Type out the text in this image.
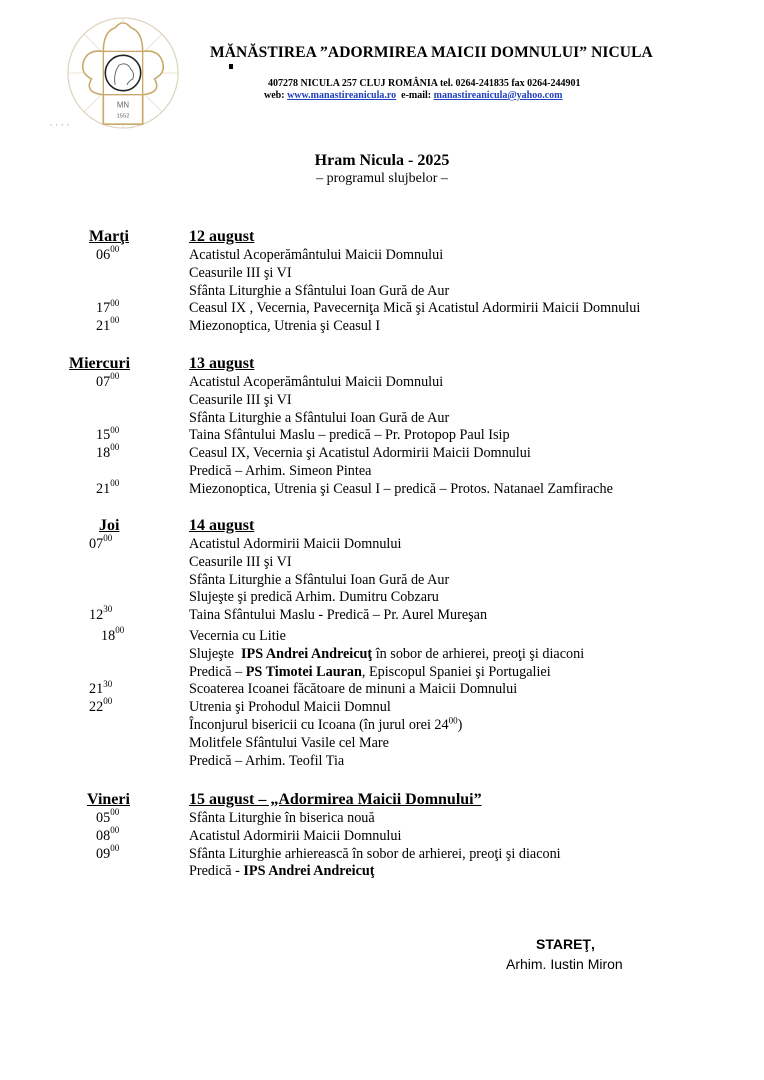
MN
1552
• • • •
MĂNĂSTIREA ”ADORMIREA MAICII DOMNULUI” NICULA
407278 NICULA 257 CLUJ ROMÂNIA tel. 0264-241835 fax 0264-244901
web: www.manastireanicula.ro e-mail: manastireanicula@yahoo.com
Hram Nicula - 2025
– programul slujbelor –
Marţi	12 august
$06^{00}$	Acatistul Acoperământului Maicii Domnului
Ceasurile III şi VI
Sfânta Liturghie a Sfântului Ioan Gură de Aur
$17^{00}$	Ceasul IX , Vecernia, Pavecerniţa Mică şi Acatistul Adormirii Maicii Domnului
$21^{00}$	Miezonoptica, Utrenia şi Ceasul I
Miercuri	13 august
$07^{00}$	Acatistul Acoperământului Maicii Domnului
Ceasurile III şi VI
Sfânta Liturghie a Sfântului Ioan Gură de Aur
$15^{00}$	Taina Sfântului Maslu – predică – Pr. Protopop Paul Isip
$18^{00}$	Ceasul IX, Vecernia şi Acatistul Adormirii Maicii Domnului
Predică – Arhim. Simeon Pintea
$21^{00}$	Miezonoptica, Utrenia şi Ceasul I – predică – Protos. Natanael Zamfirache
Joi	14 august
$07^{00}$	Acatistul Adormirii Maicii Domnului
Ceasurile III şi VI
Sfânta Liturghie a Sfântului Ioan Gură de Aur
Slujeşte şi predică Arhim. Dumitru Cobzaru
$12^{30}$	Taina Sfântului Maslu - Predică – Pr. Aurel Mureşan
$18^{00}$	Vecernia cu Litie
Slujeşte  IPS Andrei Andreicuţ în sobor de arhierei, preoţi şi diaconi
Predică – PS Timotei Lauran, Episcopul Spaniei şi Portugaliei
$21^{30}$	Scoaterea Icoanei făcătoare de minuni a Maicii Domnului
$22^{00}$	Utrenia şi Prohodul Maicii Domnul
Înconjurul bisericii cu Icoana (în jurul orei $24^{00}$)
Molitfele Sfântului Vasile cel Mare
Predică – Arhim. Teofil Tia
Vineri	15 august – „Adormirea Maicii Domnului”
$05^{00}$	Sfânta Liturghie în biserica nouă
$08^{00}$	Acatistul Adormirii Maicii Domnului
$09^{00}$	Sfânta Liturghie arhierească în sobor de arhierei, preoţi şi diaconi
Predică - IPS Andrei Andreicuţ
STAREŢ,
Arhim. Iustin Miron
